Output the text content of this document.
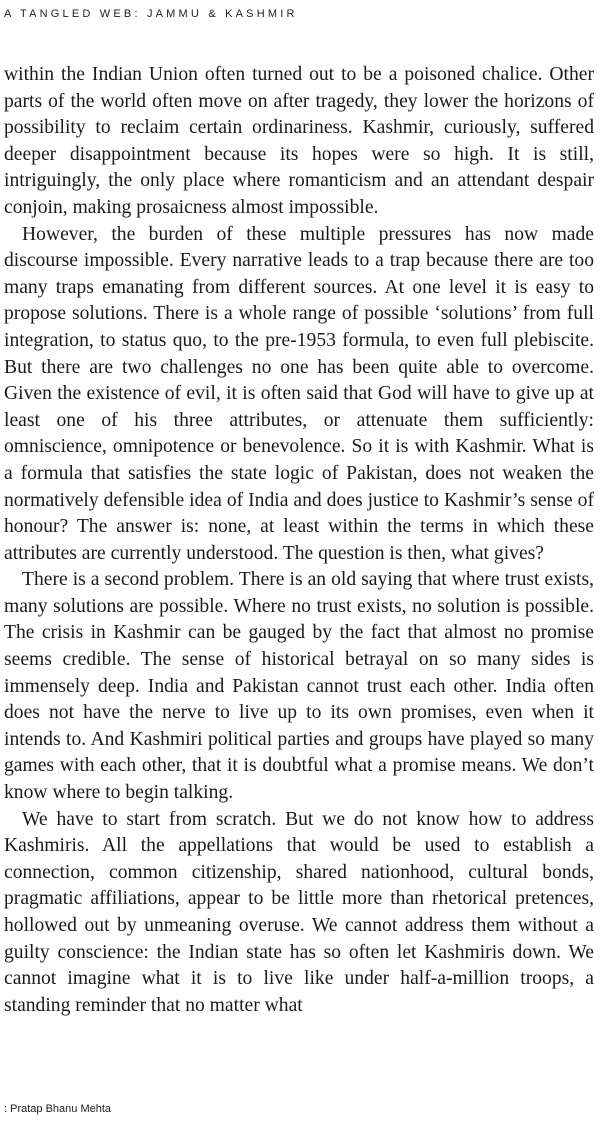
A TANGLED WEB: JAMMU & KASHMIR

within the Indian Union often turned out to be a poisoned chalice. Other parts of the world often move on after tragedy, they lower the horizons of possibility to reclaim certain ordinariness. Kashmir, curiously, suffered deeper disappointment because its hopes were so high. It is still, intriguingly, the only place where romanticism and an attendant despair conjoin, making prosaicness almost impossible.

However, the burden of these multiple pressures has now made discourse impossible. Every narrative leads to a trap because there are too many traps emanating from different sources. At one level it is easy to propose solutions. There is a whole range of possible ‘solutions’ from full integration, to status quo, to the pre-1953 formula, to even full plebiscite. But there are two challenges no one has been quite able to overcome. Given the existence of evil, it is often said that God will have to give up at least one of his three attributes, or attenuate them sufficiently: omniscience, omnipotence or benevolence. So it is with Kashmir. What is a formula that satisfies the state logic of Pakistan, does not weaken the normatively defensible idea of India and does justice to Kashmir’s sense of honour? The answer is: none, at least within the terms in which these attributes are currently understood. The question is then, what gives?

There is a second problem. There is an old saying that where trust exists, many solutions are possible. Where no trust exists, no solution is possible. The crisis in Kashmir can be gauged by the fact that almost no promise seems credible. The sense of historical betrayal on so many sides is immensely deep. India and Pakistan cannot trust each other. India often does not have the nerve to live up to its own promises, even when it intends to. And Kashmiri political parties and groups have played so many games with each other, that it is doubtful what a promise means. We don’t know where to begin talking.

We have to start from scratch. But we do not know how to address Kashmiris. All the appellations that would be used to establish a connection, common citizenship, shared nationhood, cultural bonds, pragmatic affiliations, appear to be little more than rhetorical pretences, hollowed out by unmeaning overuse. We cannot address them without a guilty conscience: the Indian state has so often let Kashmiris down. We cannot imagine what it is to live like under half-a-million troops, a standing reminder that no matter what

: Pratap Bhanu Mehta
